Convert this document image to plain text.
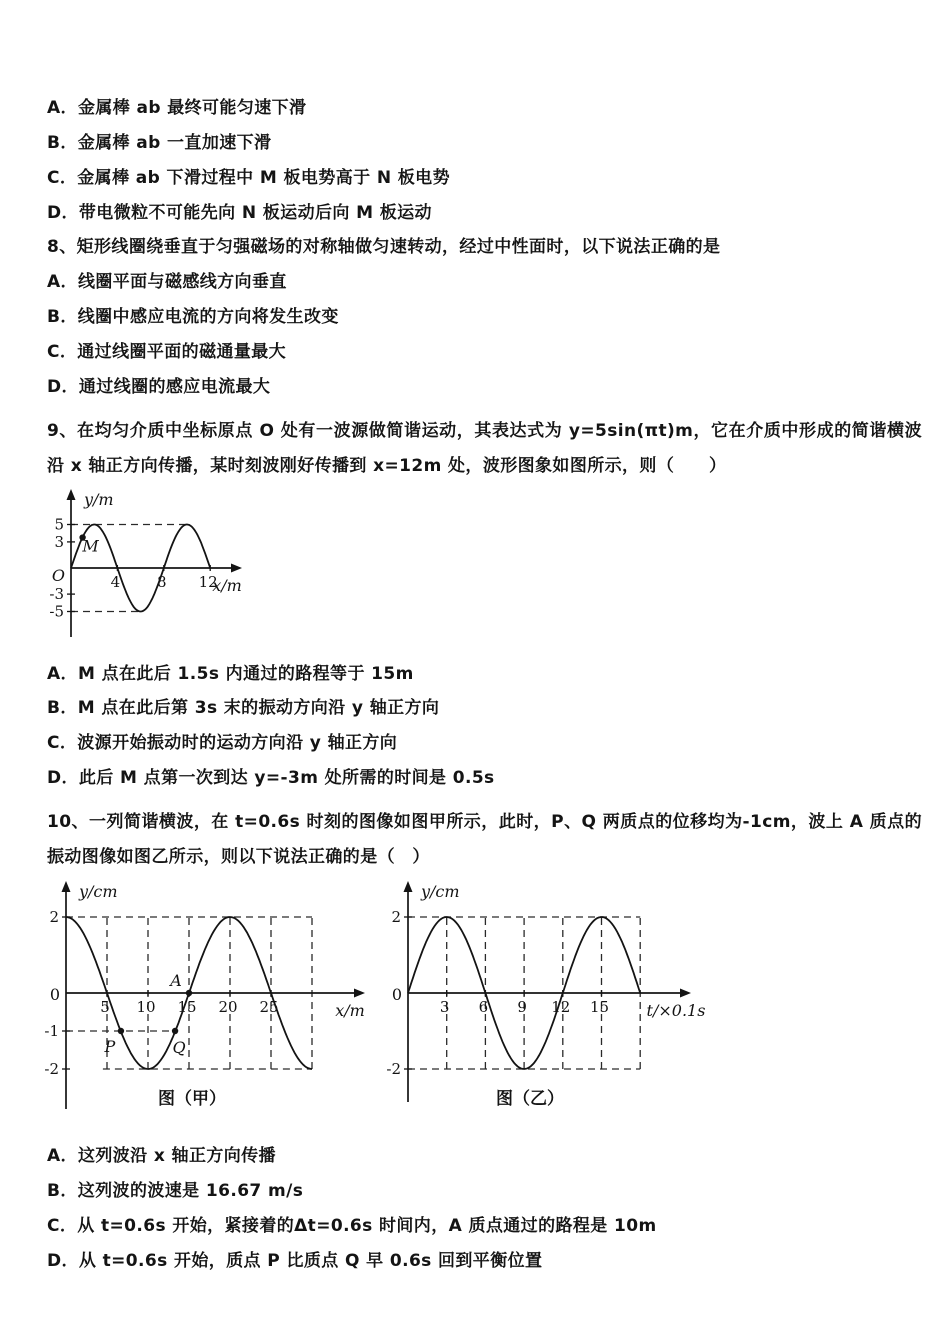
A．金属棒 ab 最终可能匀速下滑

B．金属棒 ab 一直加速下滑

C．金属棒 ab 下滑过程中 M 板电势高于 N 板电势

D．带电微粒不可能先向 N 板运动后向 M 板运动

8、矩形线圈绕垂直于匀强磁场的对称轴做匀速转动，经过中性面时，以下说法正确的是

A．线圈平面与磁感线方向垂直

B．线圈中感应电流的方向将发生改变

C．通过线圈平面的磁通量最大

D．通过线圈的感应电流最大

9、在均匀介质中坐标原点 O 处有一波源做简谐运动，其表达式为 y=5sin(πt)m，它在介质中形成的简谐横波沿 x 轴正方向传播，某时刻波刚好传播到 x=12m 处，波形图象如图所示，则（　　）

4 8 12
5
3
-3
-5
O
M
y/m
x/m

A．M 点在此后 1.5s 内通过的路程等于 15m

B．M 点在此后第 3s 末的振动方向沿 y 轴正方向

C．波源开始振动时的运动方向沿 y 轴正方向

D．此后 M 点第一次到达 y=-3m 处所需的时间是 0.5s

10、一列简谐横波，在 t=0.6s 时刻的图像如图甲所示，此时，P、Q 两质点的位移均为-1cm，波上 A 质点的振动图像如图乙所示，则以下说法正确的是（　）

5 10 15 20 25
2
-1
-2
0
P	Q
A
y/cm
x/m
图（甲）
3 6 9 12 15
2
-2
0
y/cm
t/×0.1s
图（乙）

A．这列波沿 x 轴正方向传播

B．这列波的波速是 16.67 m/s

C．从 t=0.6s 开始，紧接着的Δt=0.6s 时间内，A 质点通过的路程是 10m

D．从 t=0.6s 开始，质点 P 比质点 Q 早 0.6s 回到平衡位置
